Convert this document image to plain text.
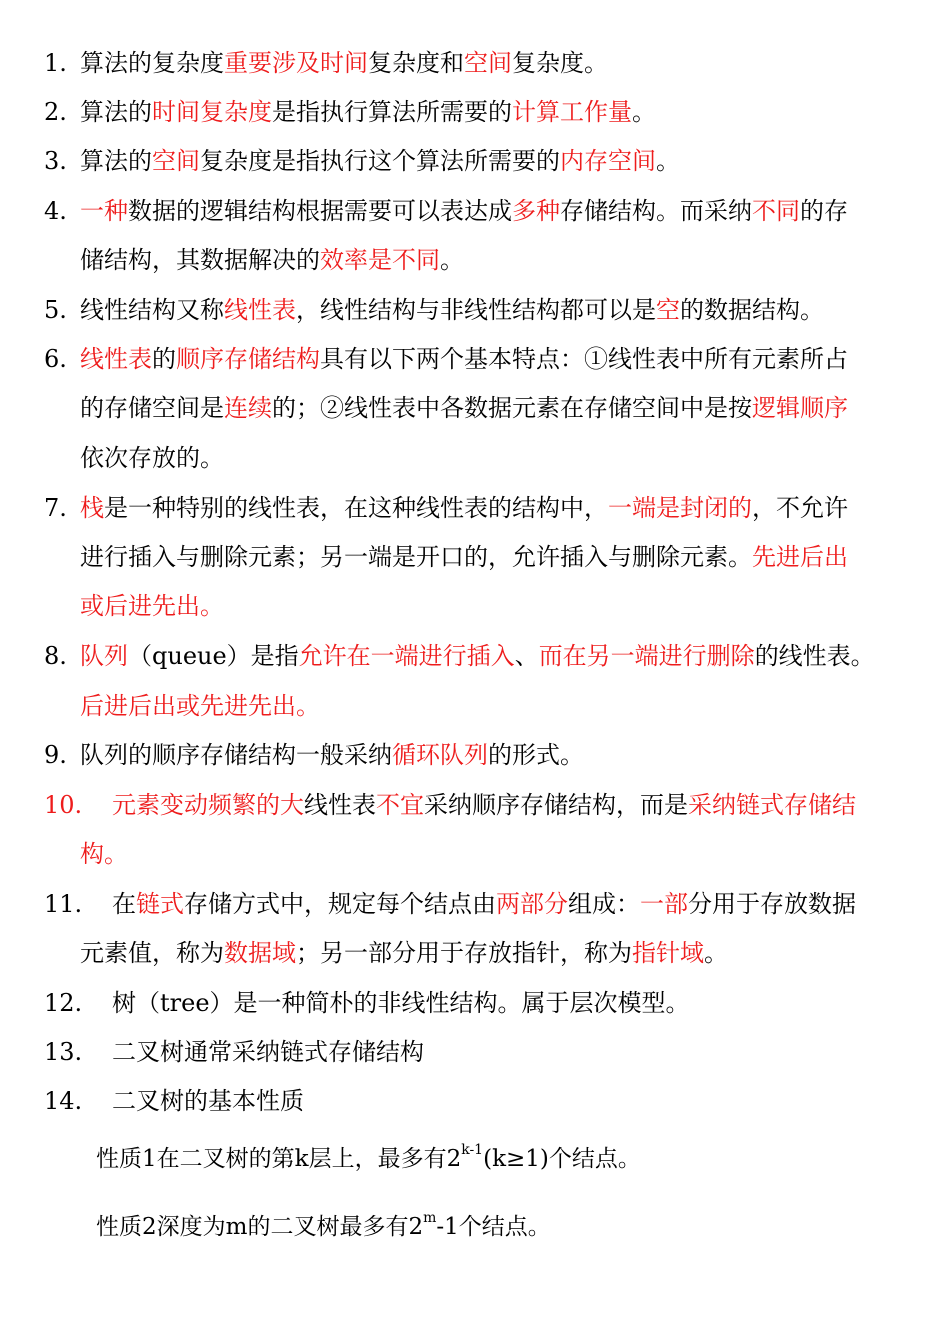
1. 算法的复杂度重要涉及时间复杂度和空间复杂度。
2. 算法的时间复杂度是指执行算法所需要的计算工作量。
3. 算法的空间复杂度是指执行这个算法所需要的内存空间。
4. 一种数据的逻辑结构根据需要可以表达成多种存储结构。而采纳不同的存
储结构，其数据解决的效率是不同。
5. 线性结构又称线性表，线性结构与非线性结构都可以是空的数据结构。
6. 线性表的顺序存储结构具有以下两个基本特点：①线性表中所有元素所占
的存储空间是连续的；②线性表中各数据元素在存储空间中是按逻辑顺序
依次存放的。
7. 栈是一种特别的线性表，在这种线性表的结构中，一端是封闭的，不允许
进行插入与删除元素；另一端是开口的，允许插入与删除元素。先进后出
或后进先出。
8. 队列（queue）是指允许在一端进行插入、而在另一端进行删除的线性表。
后进后出或先进先出。
9. 队列的顺序存储结构一般采纳循环队列的形式。
10. 元素变动频繁的大线性表不宜采纳顺序存储结构，而是采纳链式存储结
构。
11. 在链式存储方式中，规定每个结点由两部分组成：一部分用于存放数据
元素值，称为数据域；另一部分用于存放指针，称为指针域。
12. 树（tree）是一种简朴的非线性结构。属于层次模型。
13. 二叉树通常采纳链式存储结构
14. 二叉树的基本性质
性质1在二叉树的第k层上，最多有$2^{k-1}(k\ge 1)$个结点。
性质2深度为m的二叉树最多有2$^m$-1个结点。
